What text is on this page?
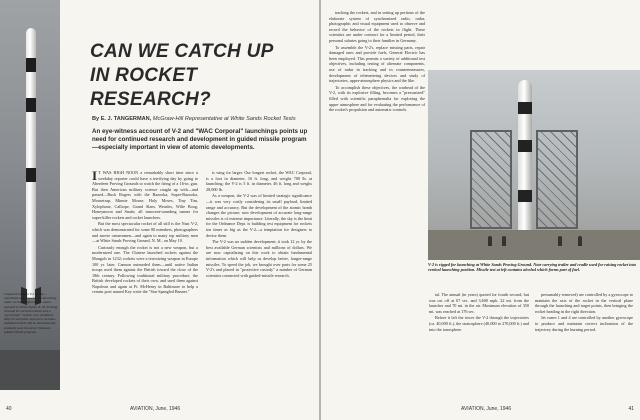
Captured German V-2 rocket—assembled and prepared for launching under German supervision—soars skyward at White Sands, N. M. Proving Ground. Its vertical exhaust and a "gyroscopic" motion were studied to help US scientists. Soon new German-modeled rockets will be launched and probably soon the Army Ordnance guided missile program.
CAN WE CATCH UP
IN ROCKET RESEARCH?
By E. J. TANGERMAN, McGraw-Hill Representative at White Sands Rocket Tests
An eye-witness account of V-2 and "WAC Corporal" launchings points up need for continued research and development in guided missile program—especially important in view of atomic developments.

IT WAS HIGH NOON a remarkably short time since a weekday reporter could have a terrifying day by going to Aberdeen Proving Grounds to watch the firing of a 16-in. gun. But then American military science caught up with—and passed—Buck Rogers with the Bazooka, Super-Bazooka, Mousetrap, Minnie Mouse, Holy Moses, Tiny Tim, Xylophone, Calliope, Grand Slam, Weasles, Wilie Boog, Honeymoon and Snafu; all innocent-sounding names for super-killer rockets and rocket launchers.

But the most spectacular rocket of all still is the Nazi V-2, which was demonstrated for some 80 members, photographers and movie cameramen—and again to many top military men—at White Sands Proving Ground, N. M., on May 10.

Curiously enough the rocket is not a new weapon, but a modernized one. The Chinese launched rockets against the Mongols in 1232; rockets were a terrorizing weapon in Europe 100 yr. later. Cannon outmoded them—until native Indian troops used them against the British toward the close of the 18th century. Following traditional military procedure, the British developed rockets of their own, and used them against Napoleon and again at Ft. McHenry in Baltimore to help a certain poet named Key write the "Star Spangled Banner."

is wing for larger. Our longest rocket, the WAC Corporal, is a foot in diameter, 16 ft. long, and weighs 700 lb. at launching; the V-2 is 5 ft. in diameter, 46 ft. long and weighs 28,000 lb.

As a weapon, the V-2 was of limited strategic significance—it was very costly considering its small payload, limited range and accuracy. But the development of the atomic bomb changes the picture; now development of accurate long-range missiles is of extreme importance. Literally, the sky is the limit for the Ordnance Dept. is building test equipment for rockets ten times as big as the V-2—a temptation for designers to devise them.

The V-2 was no sudden development; it took 12 yr. by the best available German scientists and millions of dollars. We are now capitalizing on this work to obtain fundamental information which will help us develop better, longer-range missiles. To speed the job, we brought over parts for some 25 V-2's and placed in "protective custody" a number of German scientists connected with guided-missile research.

40	AVIATION, June, 1946

tracking the rockets, and in setting up portions of the elaborate system of synchronized radio, radar, photographic and visual equipment used to observe and record the behavior of the rockets in flight. These scientists are under contract for a limited period, their personal salaries going to their families in Germany.

To assemble the V-2's, replace missing parts, repair damaged ones and provide fuels, General Electric has been employed. This permits a variety of additional test objectives, including testing of alternate components, use of radar in tracking and in countermeasures, development of telemetering devices and study of trajectories, upper-atmosphere physics and the like.

To accomplish these objectives, the warhead of the V-2, with its explosive filling, becomes a "pressurized" filled with scientific paraphernalia for exploring the upper atmosphere and for evaluating the performance of the rocket's propulsion and automatic controls.

V-2 is rigged for launching at White Sands Proving Ground. Note carrying trailer and cradle used for raising rocket into vertical launching position. Missile test at left contains alcohol which forms part of fuel.

tal. The annual (in years) quoted for fourth second, but was cut off at 67 sec. and 3,600 mph, 22 mi. from the launcher and 70 mi. in the air. Maximum elevation of 350 mi. was reached at 176 sec.

Before it left the tower the V-2 through the trajectories (ca. 40,000 ft.), the stratosphere (40,000 to 270,000 ft.) and into the ionosphere.

presumably removed) are controlled by a gyroscope to maintain the axis of the rocket in the vertical plane through the launching and target points, then bringing the rocket heading in the right direction.

Jet vanes 1 and 4 are controlled by another gyroscope to produce and maintain correct inclination of the trajectory during the burning period.

AVIATION, June, 1946	41
